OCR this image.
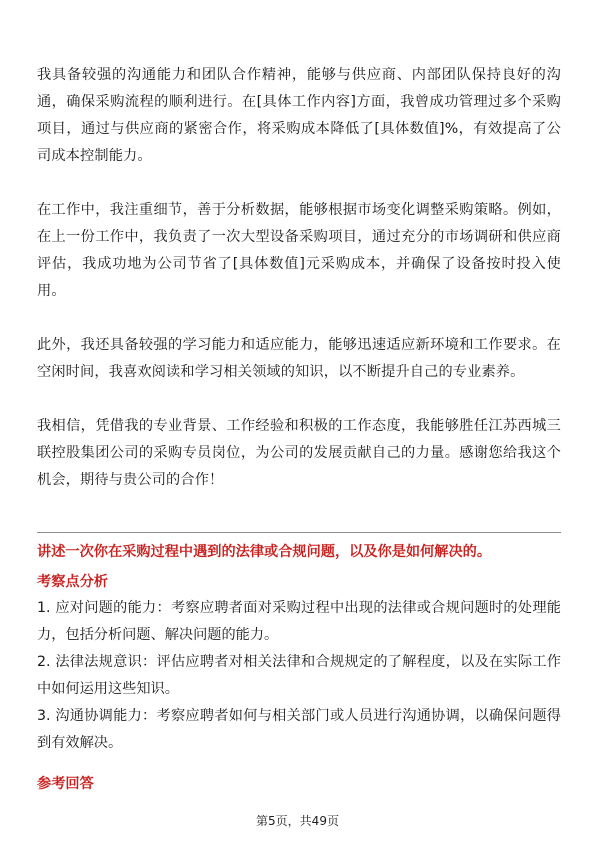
我具备较强的沟通能力和团队合作精神，能够与供应商、内部团队保持良好的沟通，确保采购流程的顺利进行。在[具体工作内容]方面，我曾成功管理过多个采购项目，通过与供应商的紧密合作，将采购成本降低了[具体数值]%，有效提高了公司成本控制能力。

在工作中，我注重细节，善于分析数据，能够根据市场变化调整采购策略。例如，在上一份工作中，我负责了一次大型设备采购项目，通过充分的市场调研和供应商评估，我成功地为公司节省了[具体数值]元采购成本，并确保了设备按时投入使用。

此外，我还具备较强的学习能力和适应能力，能够迅速适应新环境和工作要求。在空闲时间，我喜欢阅读和学习相关领域的知识，以不断提升自己的专业素养。

我相信，凭借我的专业背景、工作经验和积极的工作态度，我能够胜任江苏西城三联控股集团公司的采购专员岗位，为公司的发展贡献自己的力量。感谢您给我这个机会，期待与贵公司的合作！

讲述一次你在采购过程中遇到的法律或合规问题，以及你是如何解决的。

考察点分析

1. 应对问题的能力：考察应聘者面对采购过程中出现的法律或合规问题时的处理能力，包括分析问题、解决问题的能力。

2. 法律法规意识：评估应聘者对相关法律和合规规定的了解程度，以及在实际工作中如何运用这些知识。

3. 沟通协调能力：考察应聘者如何与相关部门或人员进行沟通协调，以确保问题得到有效解决。

参考回答

第5页，共49页
